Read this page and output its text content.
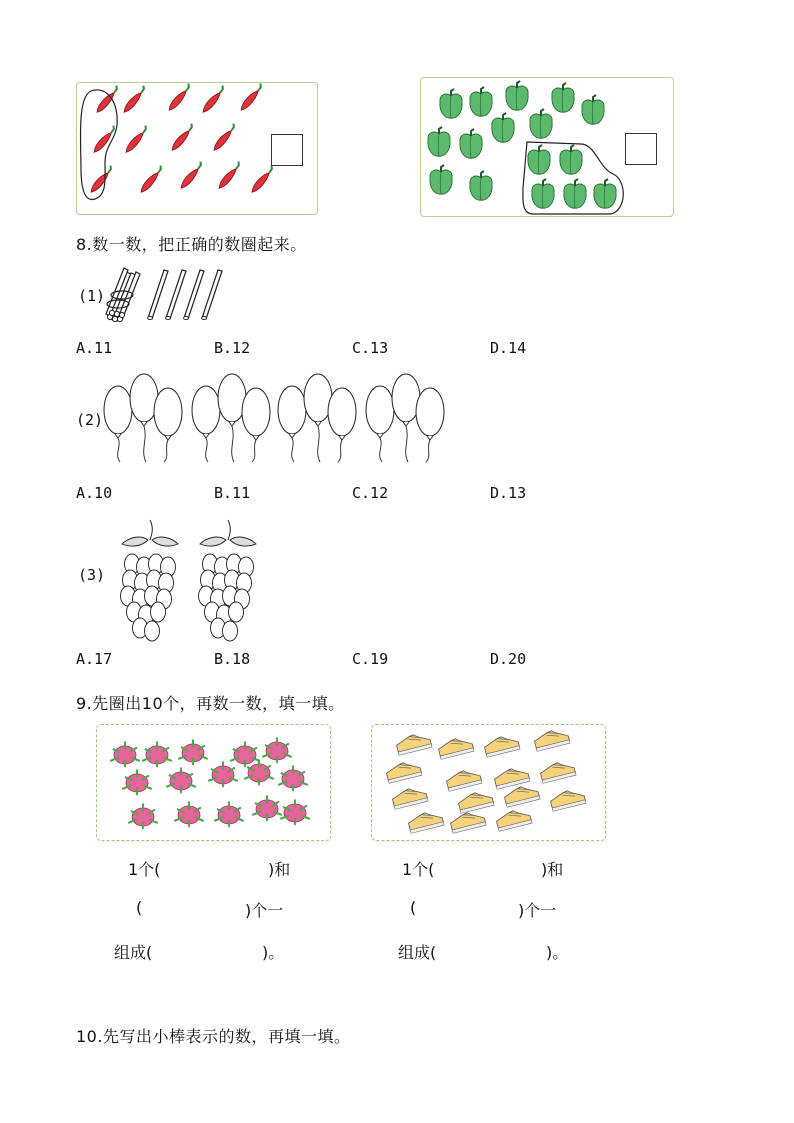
8.数一数，把正确的数圈起来。
(1)
A.11	B.12	C.13	D.14
(2)
A.10	B.11	C.12	D.13
(3)
A.17	B.18	C.19	D.20
9.先圈出10个，再数一数，填一填。
1个(	)和
(	)个一
组成(	)。
1个(	)和
(	)个一
组成(	)。
10.先写出小棒表示的数，再填一填。
